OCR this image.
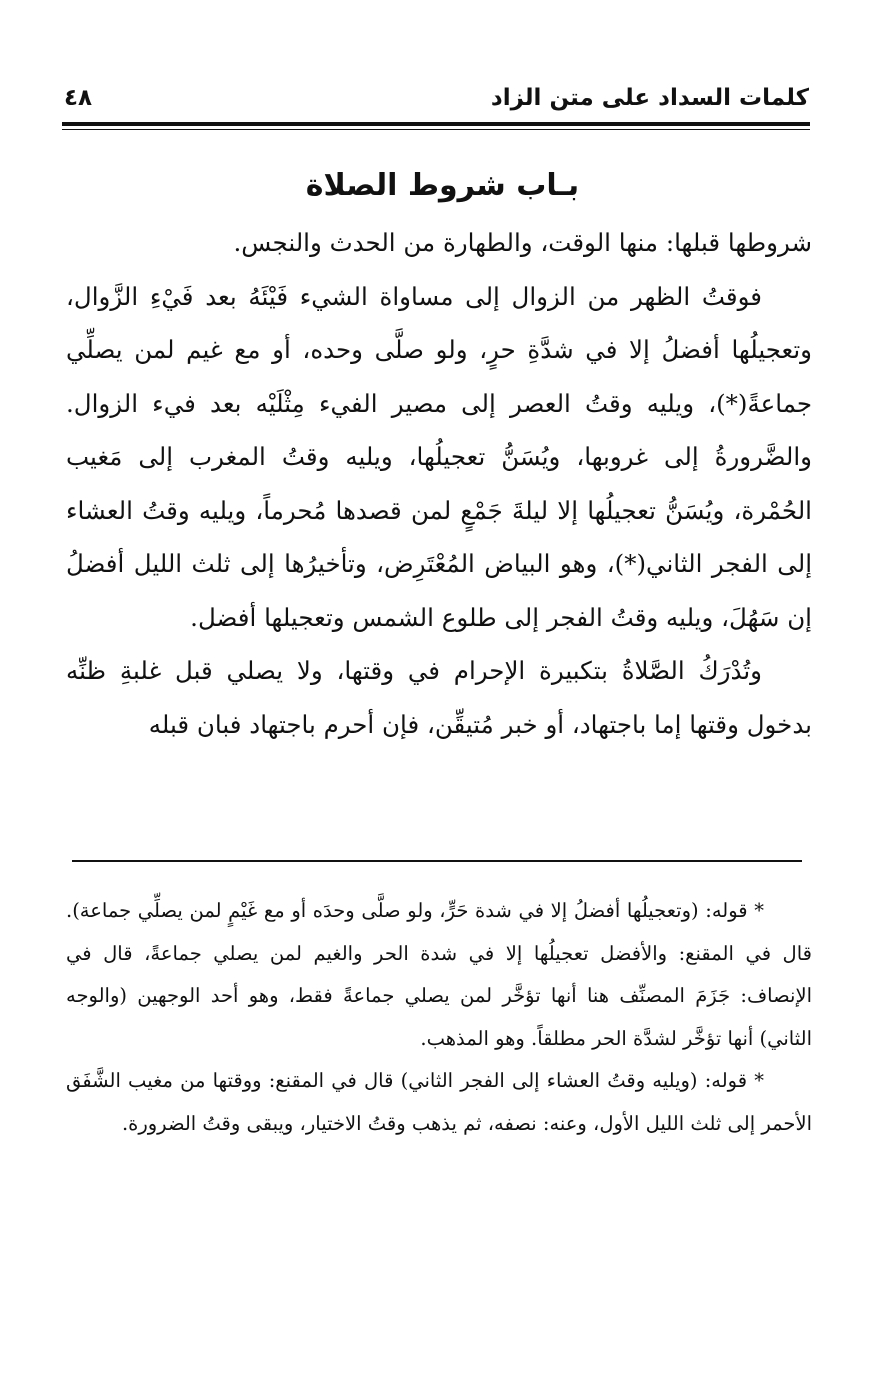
كلمات السداد على متن الزاد
٤٨
بـاب شروط الصلاة

شروطها قبلها: منها الوقت، والطهارة من الحدث والنجس.

فوقتُ الظهر من الزوال إلى مساواة الشيء فَيْئَهُ بعد فَيْءِ الزَّوال، وتعجيلُها أفضلُ إلا في شدَّةِ حرٍ، ولو صلَّى وحده، أو مع غيم لمن يصلِّي جماعةً(*)، ويليه وقتُ العصر إلى مصير الفيء مِثْلَيْه بعد فيء الزوال. والضَّرورةُ إلى غروبها، ويُسَنُّ تعجيلُها، ويليه وقتُ المغرب إلى مَغيب الحُمْرة، ويُسَنُّ تعجيلُها إلا ليلةَ جَمْعٍ لمن قصدها مُحرماً، ويليه وقتُ العشاء إلى الفجر الثاني(*)، وهو البياض المُعْتَرِض، وتأخيرُها إلى ثلث الليل أفضلُ إن سَهُلَ، ويليه وقتُ الفجر إلى طلوع الشمس وتعجيلها أفضل.

وتُدْرَكُ الصَّلاةُ بتكبيرة الإحرام في وقتها، ولا يصلي قبل غلبةِ ظنِّه بدخول وقتها إما باجتهاد، أو خبر مُتيقِّن، فإن أحرم باجتهاد فبان قبله

* قوله: (وتعجيلُها أفضلُ إلا في شدة حَرٍّ، ولو صلَّى وحدَه أو مع غَيْمٍ لمن يصلِّي جماعة). قال في المقنع: والأفضل تعجيلُها إلا في شدة الحر والغيم لمن يصلي جماعةً، قال في الإنصاف: جَزَمَ المصنِّف هنا أنها تؤخَّر لمن يصلي جماعةً فقط، وهو أحد الوجهين (والوجه الثاني) أنها تؤخَّر لشدَّة الحر مطلقاً. وهو المذهب.

* قوله: (ويليه وقتُ العشاء إلى الفجر الثاني) قال في المقنع: ووقتها من مغيب الشَّفَق الأحمر إلى ثلث الليل الأول، وعنه: نصفه، ثم يذهب وقتُ الاختيار، ويبقى وقتُ الضرورة.
